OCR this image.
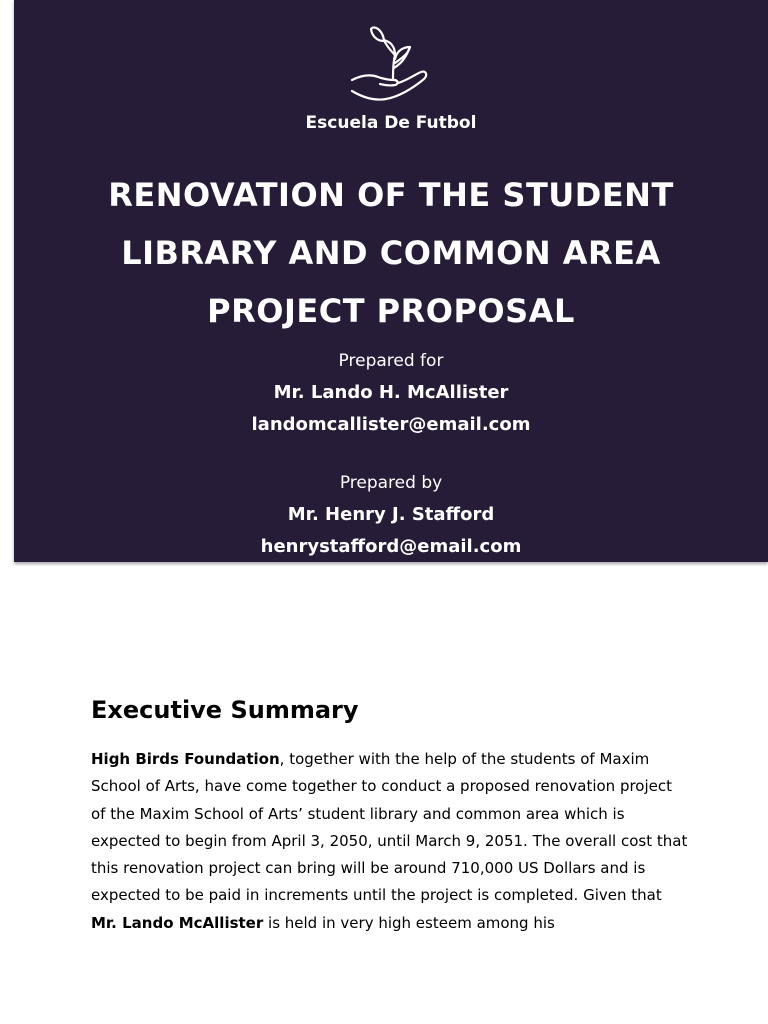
Escuela De Futbol
RENOVATION OF THE STUDENT
LIBRARY AND COMMON AREA
PROJECT PROPOSAL
Prepared for
Mr. Lando H. McAllister
landomcallister@email.com
Prepared by
Mr. Henry J. Stafford
henrystafford@email.com
Executive Summary

High Birds Foundation, together with the help of the students of Maxim School of Arts, have come together to conduct a proposed renovation project of the Maxim School of Arts’ student library and common area which is expected to begin from April 3, 2050, until March 9, 2051. The overall cost that this renovation project can bring will be around 710,000 US Dollars and is expected to be paid in increments until the project is completed. Given that Mr. Lando McAllister is held in very high esteem among his
